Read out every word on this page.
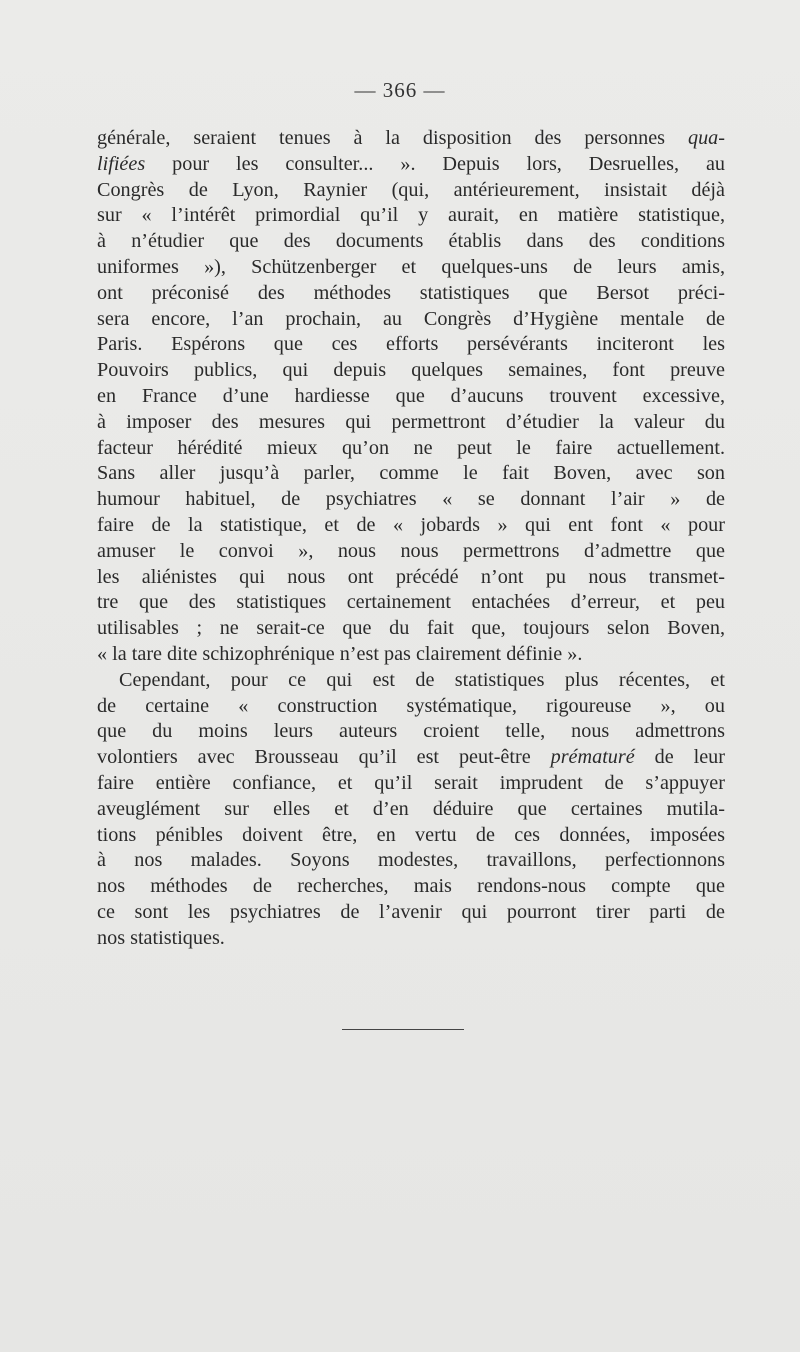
— 366 —
générale, seraient tenues à la disposition des personnes qua-
lifiées pour les consulter... ». Depuis lors, Desruelles, au
Congrès de Lyon, Raynier (qui, antérieurement, insistait déjà
sur « l’intérêt primordial qu’il y aurait, en matière statistique,
à n’étudier que des documents établis dans des conditions
uniformes »), Schützenberger et quelques-uns de leurs amis,
ont préconisé des méthodes statistiques que Bersot préci-
sera encore, l’an prochain, au Congrès d’Hygiène mentale de
Paris. Espérons que ces efforts persévérants inciteront les
Pouvoirs publics, qui depuis quelques semaines, font preuve
en France d’une hardiesse que d’aucuns trouvent excessive,
à imposer des mesures qui permettront d’étudier la valeur du
facteur hérédité mieux qu’on ne peut le faire actuellement.
Sans aller jusqu’à parler, comme le fait Boven, avec son
humour habituel, de psychiatres « se donnant l’air » de
faire de la statistique, et de « jobards » qui ent font « pour
amuser le convoi », nous nous permettrons d’admettre que
les aliénistes qui nous ont précédé n’ont pu nous transmet-
tre que des statistiques certainement entachées d’erreur, et peu
utilisables ; ne serait-ce que du fait que, toujours selon Boven,
« la tare dite schizophrénique n’est pas clairement définie ».
Cependant, pour ce qui est de statistiques plus récentes, et
de certaine « construction systématique, rigoureuse », ou
que du moins leurs auteurs croient telle, nous admettrons
volontiers avec Brousseau qu’il est peut-être prématuré de leur
faire entière confiance, et qu’il serait imprudent de s’appuyer
aveuglément sur elles et d’en déduire que certaines mutila-
tions pénibles doivent être, en vertu de ces données, imposées
à nos malades. Soyons modestes, travaillons, perfectionnons
nos méthodes de recherches, mais rendons-nous compte que
ce sont les psychiatres de l’avenir qui pourront tirer parti de
nos statistiques.
